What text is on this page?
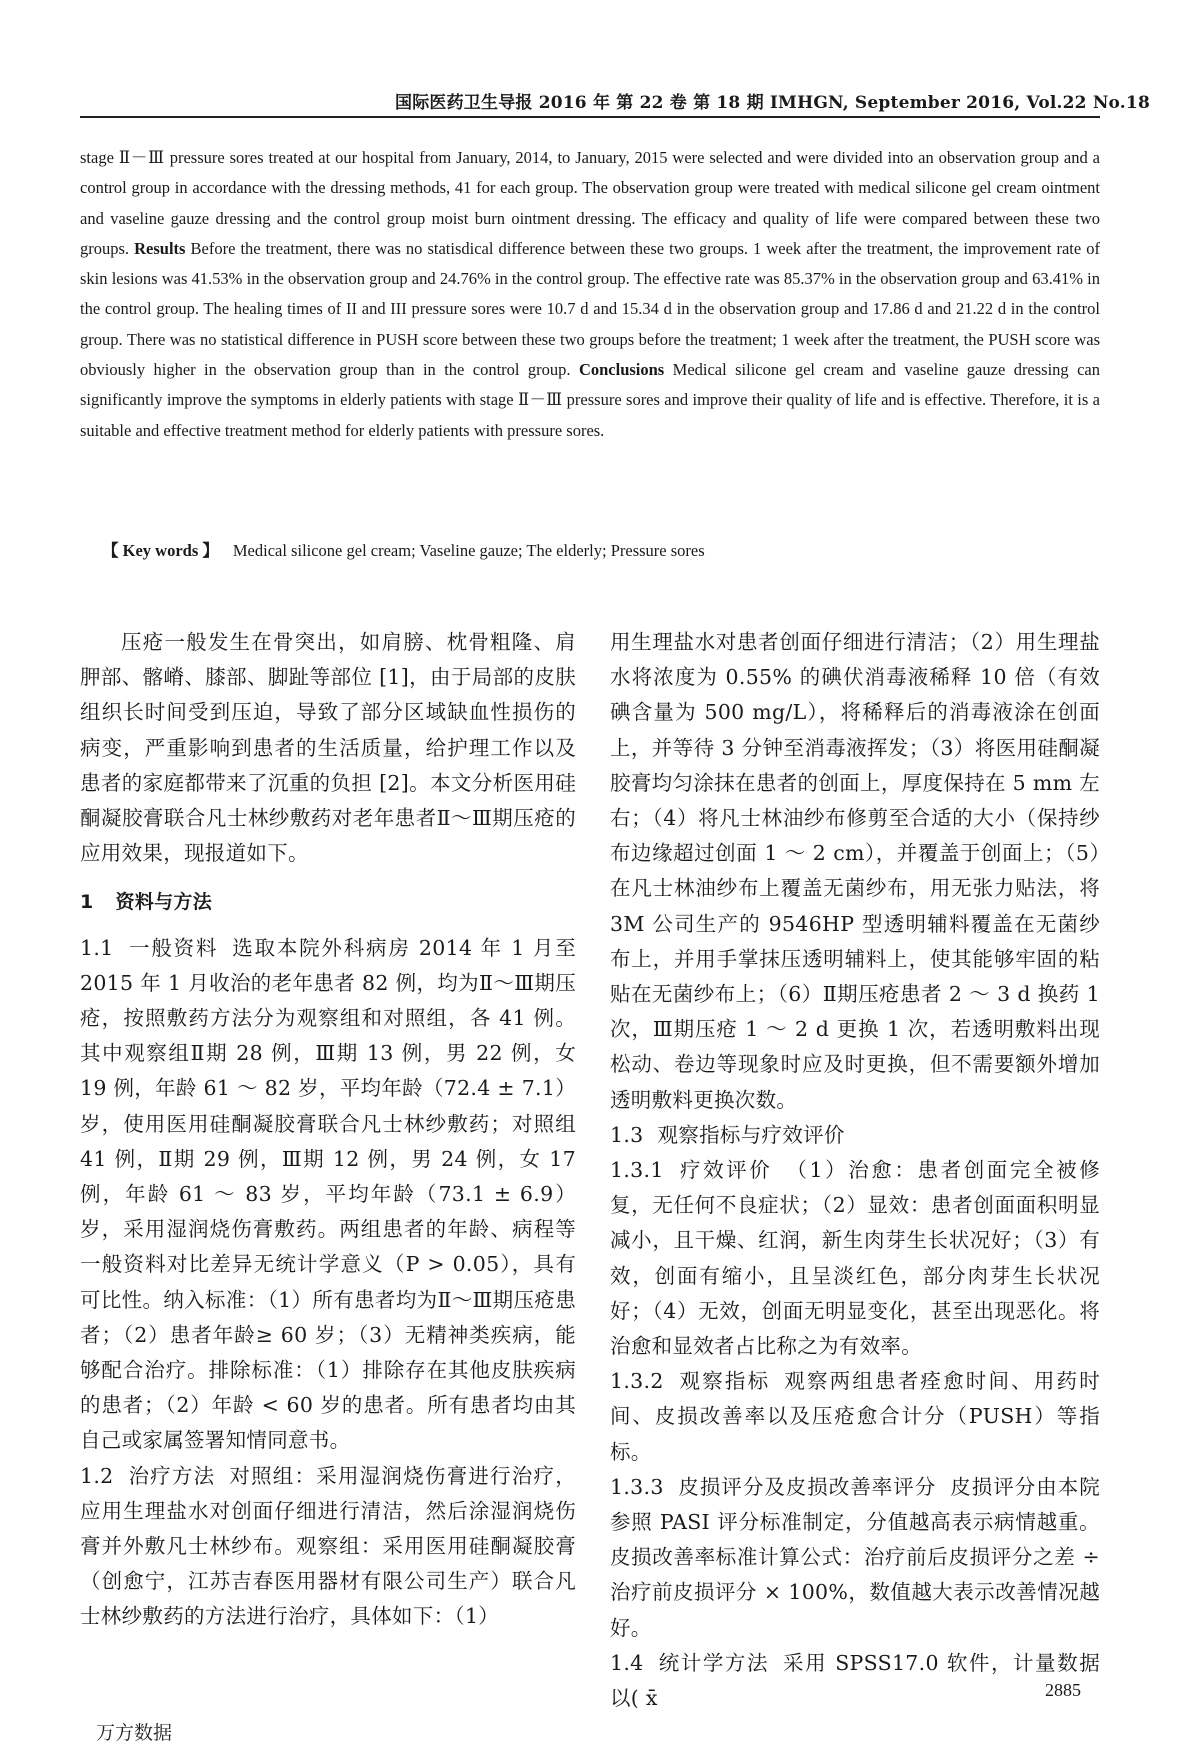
国际医药卫生导报 2016 年 第 22 卷 第 18 期 IMHGN, September 2016, Vol.22 No.18
stage Ⅱ－Ⅲ pressure sores treated at our hospital from January, 2014, to January, 2015 were selected and were divided into an observation group and a control group in accordance with the dressing methods, 41 for each group. The observation group were treated with medical silicone gel cream ointment and vaseline gauze dressing and the control group moist burn ointment dressing. The efficacy and quality of life were compared between these two groups. Results Before the treatment, there was no statisdical difference between these two groups. 1 week after the treatment, the improvement rate of skin lesions was 41.53% in the observation group and 24.76% in the control group. The effective rate was 85.37% in the observation group and 63.41% in the control group. The healing times of II and III pressure sores were 10.7 d and 15.34 d in the observation group and 17.86 d and 21.22 d in the control group. There was no statistical difference in PUSH score between these two groups before the treatment; 1 week after the treatment, the PUSH score was obviously higher in the observation group than in the control group. Conclusions Medical silicone gel cream and vaseline gauze dressing can significantly improve the symptoms in elderly patients with stage Ⅱ－Ⅲ pressure sores and improve their quality of life and is effective. Therefore, it is a suitable and effective treatment method for elderly patients with pressure sores.
【 Key words 】 Medical silicone gel cream; Vaseline gauze; The elderly; Pressure sores

压疮一般发生在骨突出，如肩膀、枕骨粗隆、肩胛部、髂嵴、膝部、脚趾等部位 [1]，由于局部的皮肤组织长时间受到压迫，导致了部分区域缺血性损伤的病变，严重影响到患者的生活质量，给护理工作以及患者的家庭都带来了沉重的负担 [2]。本文分析医用硅酮凝胶膏联合凡士林纱敷药对老年患者Ⅱ～Ⅲ期压疮的应用效果，现报道如下。

1 资料与方法

1.1 一般资料 选取本院外科病房 2014 年 1 月至 2015 年 1 月收治的老年患者 82 例，均为Ⅱ～Ⅲ期压疮，按照敷药方法分为观察组和对照组，各 41 例。其中观察组Ⅱ期 28 例，Ⅲ期 13 例，男 22 例，女 19 例，年龄 61 ～ 82 岁，平均年龄（72.4 ± 7.1）岁，使用医用硅酮凝胶膏联合凡士林纱敷药；对照组 41 例，Ⅱ期 29 例，Ⅲ期 12 例，男 24 例，女 17 例，年龄 61 ～ 83 岁，平均年龄（73.1 ± 6.9）岁，采用湿润烧伤膏敷药。两组患者的年龄、病程等一般资料对比差异无统计学意义（P > 0.05），具有可比性。纳入标准：（1）所有患者均为Ⅱ～Ⅲ期压疮患者；（2）患者年龄≥ 60 岁；（3）无精神类疾病，能够配合治疗。排除标准：（1）排除存在其他皮肤疾病的患者；（2）年龄 < 60 岁的患者。所有患者均由其自己或家属签署知情同意书。

1.2 治疗方法 对照组：采用湿润烧伤膏进行治疗，应用生理盐水对创面仔细进行清洁，然后涂湿润烧伤膏并外敷凡士林纱布。观察组：采用医用硅酮凝胶膏（创愈宁，江苏吉春医用器材有限公司生产）联合凡士林纱敷药的方法进行治疗，具体如下：（1）

用生理盐水对患者创面仔细进行清洁；（2）用生理盐水将浓度为 0.55% 的碘伏消毒液稀释 10 倍（有效碘含量为 500 mg/L），将稀释后的消毒液涂在创面上，并等待 3 分钟至消毒液挥发；（3）将医用硅酮凝胶膏均匀涂抹在患者的创面上，厚度保持在 5 mm 左右；（4）将凡士林油纱布修剪至合适的大小（保持纱布边缘超过创面 1 ～ 2 cm），并覆盖于创面上；（5）在凡士林油纱布上覆盖无菌纱布，用无张力贴法，将 3M 公司生产的 9546HP 型透明辅料覆盖在无菌纱布上，并用手掌抹压透明辅料上，使其能够牢固的粘贴在无菌纱布上；（6）Ⅱ期压疮患者 2 ～ 3 d 换药 1 次，Ⅲ期压疮 1 ～ 2 d 更换 1 次，若透明敷料出现松动、卷边等现象时应及时更换，但不需要额外增加透明敷料更换次数。

1.3 观察指标与疗效评价

1.3.1 疗效评价 （1）治愈：患者创面完全被修复，无任何不良症状；（2）显效：患者创面面积明显减小，且干燥、红润，新生肉芽生长状况好；（3）有效，创面有缩小，且呈淡红色，部分肉芽生长状况好；（4）无效，创面无明显变化，甚至出现恶化。将治愈和显效者占比称之为有效率。

1.3.2 观察指标 观察两组患者痊愈时间、用药时间、皮损改善率以及压疮愈合计分（PUSH）等指标。

1.3.3 皮损评分及皮损改善率评分 皮损评分由本院参照 PASI 评分标准制定，分值越高表示病情越重。皮损改善率标准计算公式：治疗前后皮损评分之差 ÷ 治疗前皮损评分 × 100%，数值越大表示改善情况越好。

1.4 统计学方法 采用 SPSS17.0 软件，计量数据以( x̄	2885
万方数据
